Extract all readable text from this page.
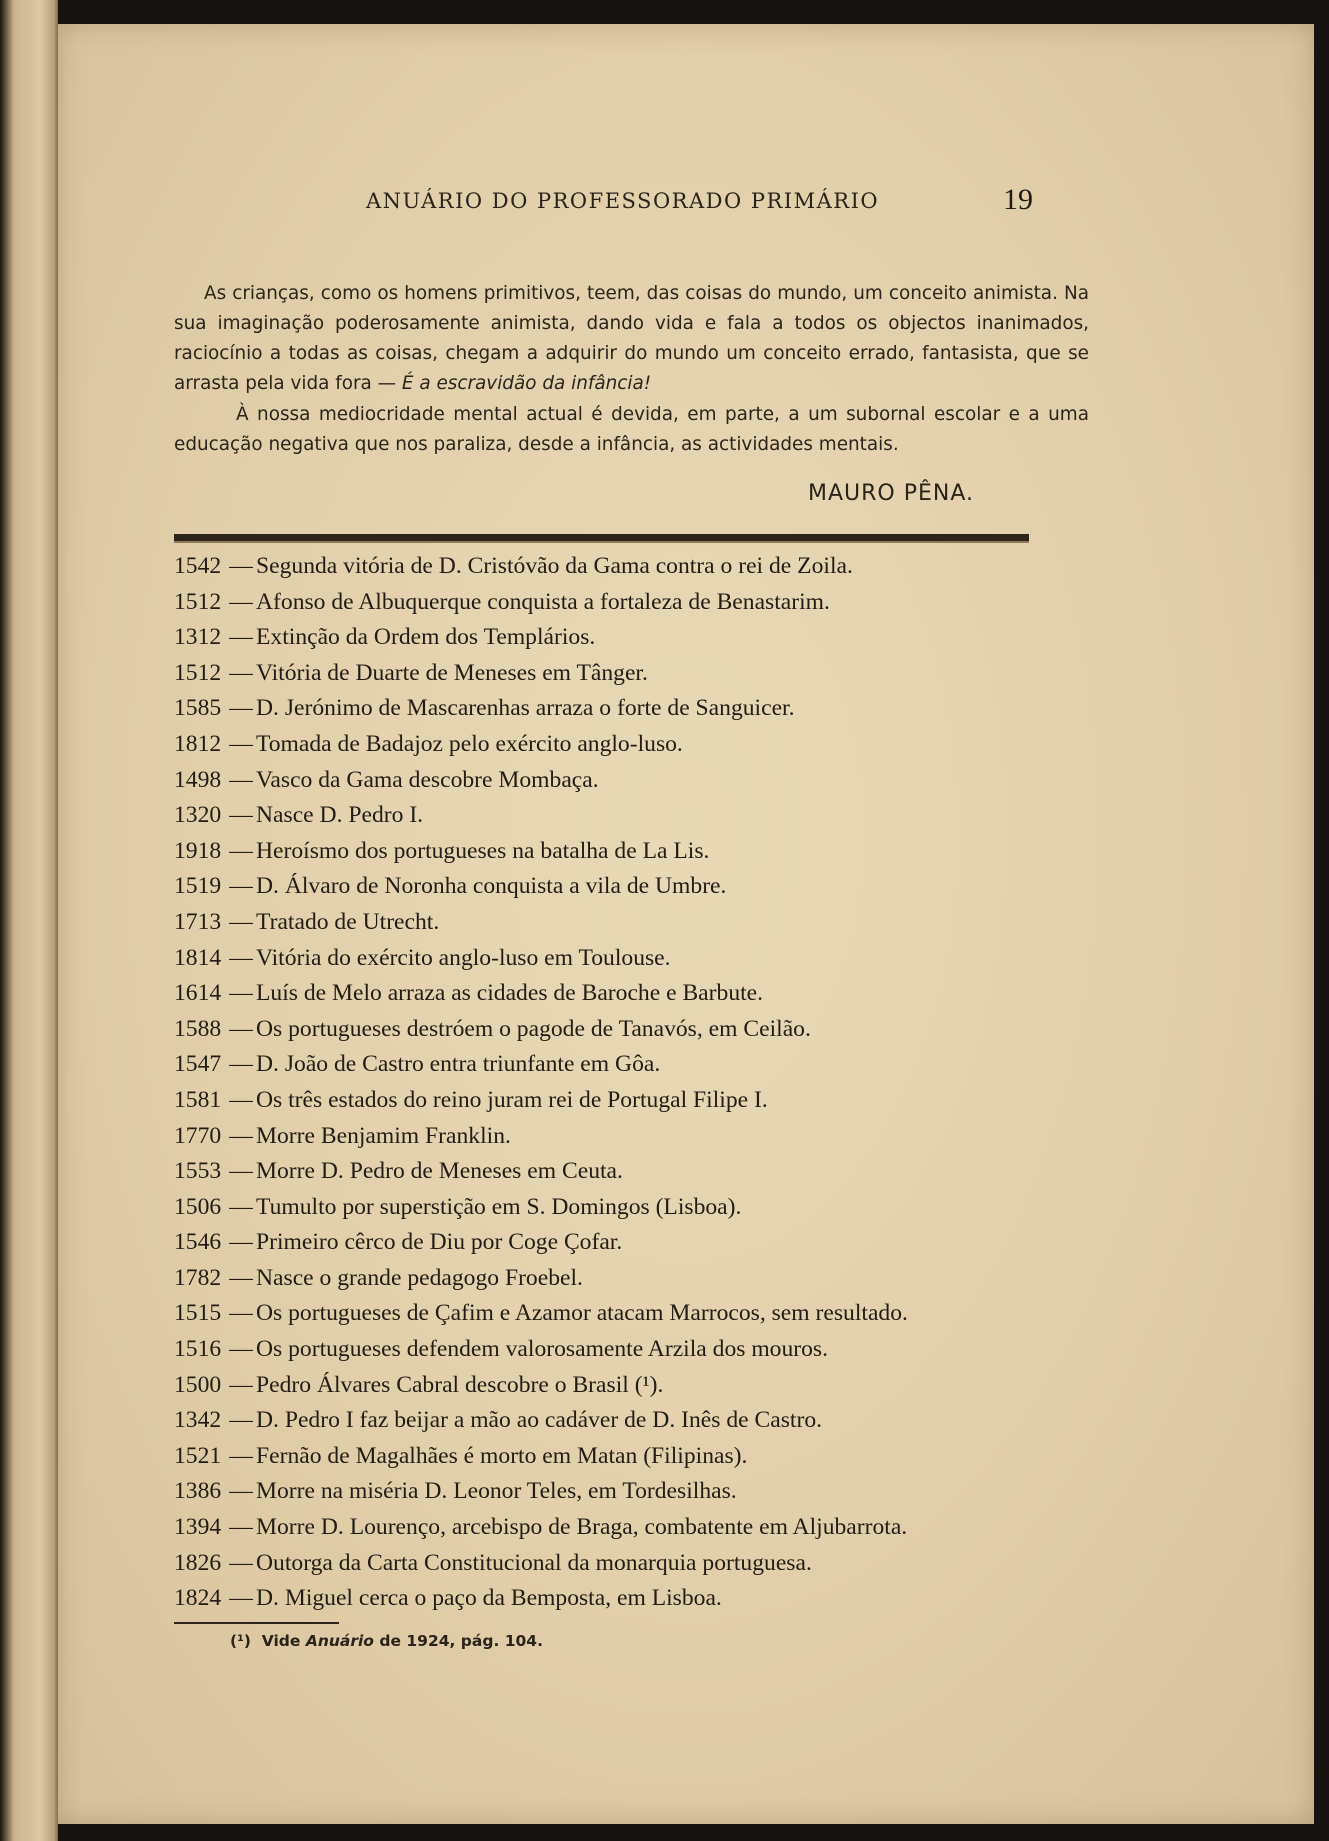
ANUÁRIO DO PROFESSORADO PRIMÁRIO	19
As crianças, como os homens primitivos, teem, das coisas do mundo, um conceito animista. Na sua imaginação poderosamente animista, dando vida e fala a todos os objectos inanimados, raciocínio a todas as coisas, chegam a adquirir do mundo um conceito errado, fantasista, que se arrasta pela vida fora — É a escravidão da infância!
À nossa mediocridade mental actual é devida, em parte, a um subornal escolar e a uma educação negativa que nos paraliza, desde a infância, as actividades mentais.
MAURO PÊNA.
1542 — Segunda vitória de D. Cristóvão da Gama contra o rei de Zoila.
1512 — Afonso de Albuquerque conquista a fortaleza de Benastarim.
1312 — Extinção da Ordem dos Templários.
1512 — Vitória de Duarte de Meneses em Tânger.
1585 — D. Jerónimo de Mascarenhas arraza o forte de Sanguicer.
1812 — Tomada de Badajoz pelo exército anglo-luso.
1498 — Vasco da Gama descobre Mombaça.
1320 — Nasce D. Pedro I.
1918 — Heroísmo dos portugueses na batalha de La Lis.
1519 — D. Álvaro de Noronha conquista a vila de Umbre.
1713 — Tratado de Utrecht.
1814 — Vitória do exército anglo-luso em Toulouse.
1614 — Luís de Melo arraza as cidades de Baroche e Barbute.
1588 — Os portugueses destróem o pagode de Tanavós, em Ceilão.
1547 — D. João de Castro entra triunfante em Gôa.
1581 — Os três estados do reino juram rei de Portugal Filipe I.
1770 — Morre Benjamim Franklin.
1553 — Morre D. Pedro de Meneses em Ceuta.
1506 — Tumulto por superstição em S. Domingos (Lisboa).
1546 — Primeiro cêrco de Diu por Coge Çofar.
1782 — Nasce o grande pedagogo Froebel.
1515 — Os portugueses de Çafim e Azamor atacam Marrocos, sem resultado.
1516 — Os portugueses defendem valorosamente Arzila dos mouros.
1500 — Pedro Álvares Cabral descobre o Brasil (¹).
1342 — D. Pedro I faz beijar a mão ao cadáver de D. Inês de Castro.
1521 — Fernão de Magalhães é morto em Matan (Filipinas).
1386 — Morre na miséria D. Leonor Teles, em Tordesilhas.
1394 — Morre D. Lourenço, arcebispo de Braga, combatente em Aljubarrota.
1826 — Outorga da Carta Constitucional da monarquia portuguesa.
1824 — D. Miguel cerca o paço da Bemposta, em Lisboa.
(¹) Vide Anuário de 1924, pág. 104.
